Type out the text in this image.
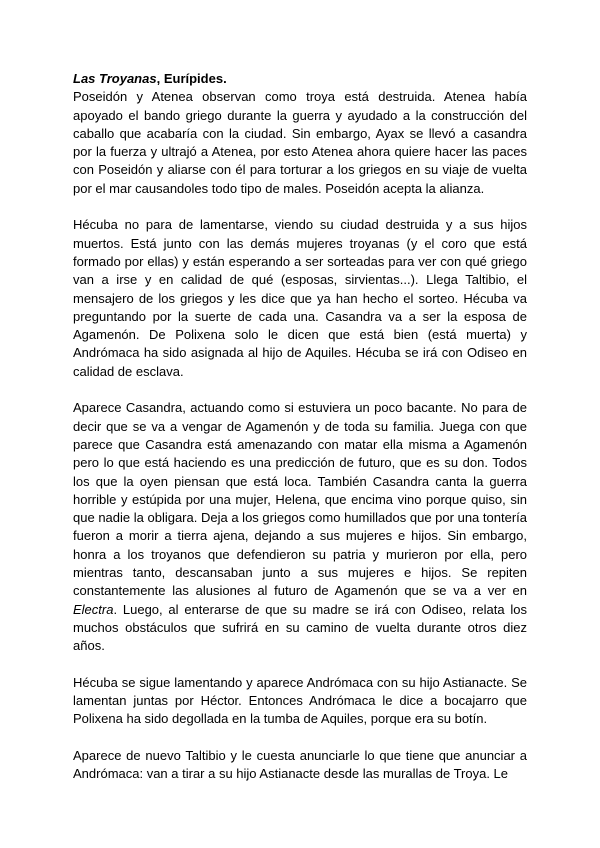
Las Troyanas, Eurípides.

Poseidón y Atenea observan como troya está destruida. Atenea había apoyado el bando griego durante la guerra y ayudado a la construcción del caballo que acabaría con la ciudad. Sin embargo, Ayax se llevó a casandra por la fuerza y ultrajó a Atenea, por esto Atenea ahora quiere hacer las paces con Poseidón y aliarse con él para torturar a los griegos en su viaje de vuelta por el mar causandoles todo tipo de males. Poseidón acepta la alianza.

Hécuba no para de lamentarse, viendo su ciudad destruida y a sus hijos muertos. Está junto con las demás mujeres troyanas (y el coro que está formado por ellas) y están esperando a ser sorteadas para ver con qué griego van a irse y en calidad de qué (esposas, sirvientas...). Llega Taltibio, el mensajero de los griegos y les dice que ya han hecho el sorteo. Hécuba va preguntando por la suerte de cada una. Casandra va a ser la esposa de Agamenón. De Polixena solo le dicen que está bien (está muerta) y Andrómaca ha sido asignada al hijo de Aquiles. Hécuba se irá con Odiseo en calidad de esclava.

Aparece Casandra, actuando como si estuviera un poco bacante. No para de decir que se va a vengar de Agamenón y de toda su familia. Juega con que parece que Casandra está amenazando con matar ella misma a Agamenón pero lo que está haciendo es una predicción de futuro, que es su don. Todos los que la oyen piensan que está loca. También Casandra canta la guerra horrible y estúpida por una mujer, Helena, que encima vino porque quiso, sin que nadie la obligara. Deja a los griegos como humillados que por una tontería fueron a morir a tierra ajena, dejando a sus mujeres e hijos. Sin embargo, honra a los troyanos que defendieron su patria y murieron por ella, pero mientras tanto, descansaban junto a sus mujeres e hijos. Se repiten constantemente las alusiones al futuro de Agamenón que se va a ver en Electra. Luego, al enterarse de que su madre se irá con Odiseo, relata los muchos obstáculos que sufrirá en su camino de vuelta durante otros diez años.

Hécuba se sigue lamentando y aparece Andrómaca con su hijo Astianacte. Se lamentan juntas por Héctor. Entonces Andrómaca le dice a bocajarro que Polixena ha sido degollada en la tumba de Aquiles, porque era su botín.

Aparece de nuevo Taltibio y le cuesta anunciarle lo que tiene que anunciar a Andrómaca: van a tirar a su hijo Astianacte desde las murallas de Troya. Le
